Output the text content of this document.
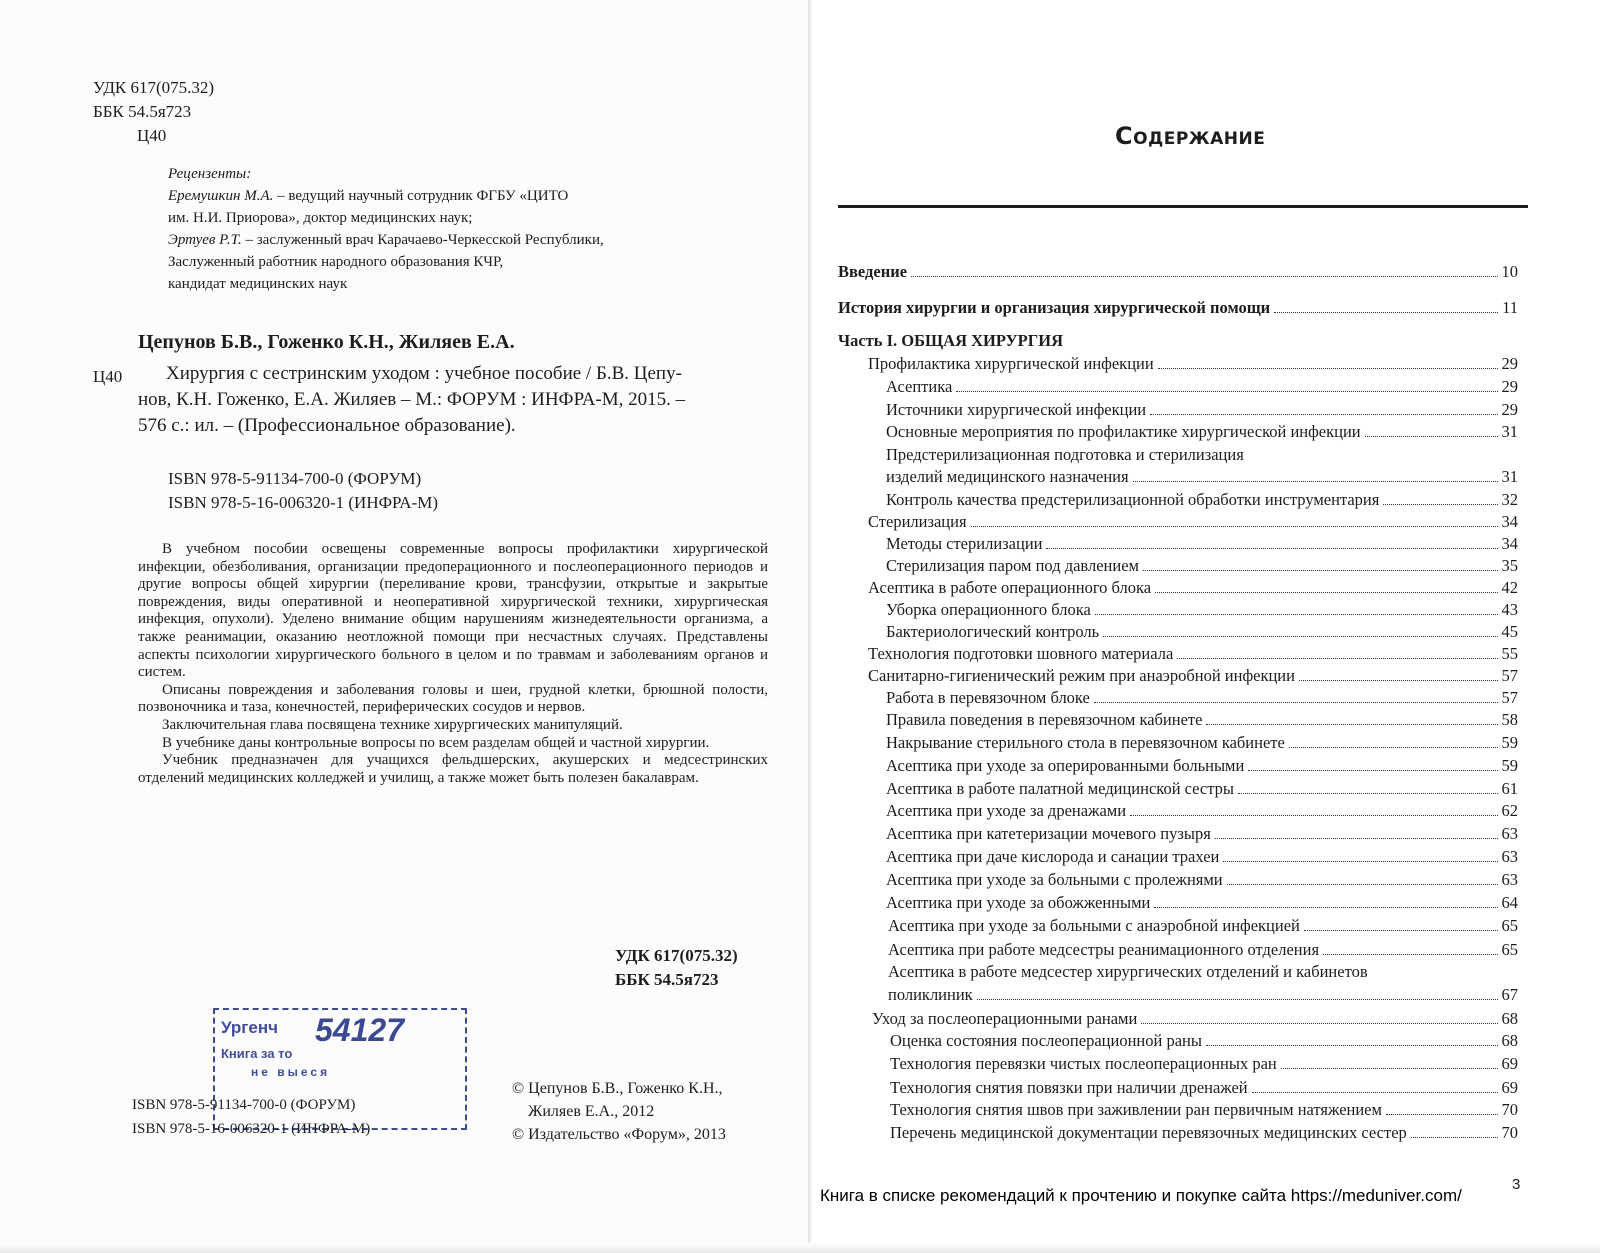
УДК 617(075.32)
ББК 54.5я723
Ц40
Рецензенты:
Еремушкин М.А. – ведущий научный сотрудник ФГБУ «ЦИТО
им. Н.И. Приорова», доктор медицинских наук;
Эртуев Р.Т. – заслуженный врач Карачаево-Черкесской Республики,
Заслуженный работник народного образования КЧР,
кандидат медицинских наук
Цепунов Б.В., Гоженко К.Н., Жиляев Е.А.
Ц40 Хирургия с сестринским уходом : учебное пособие / Б.В. Цепу-
нов, К.Н. Гоженко, Е.А. Жиляев – М.: ФОРУМ : ИНФРА-М, 2015. –
576 с.: ил. – (Профессиональное образование).
ISBN 978-5-91134-700-0 (ФОРУМ)
ISBN 978-5-16-006320-1 (ИНФРА-М)

В учебном пособии освещены современные вопросы профилактики хирургической инфекции, обезболивания, организации предоперационного и послеоперационного периодов и другие вопросы общей хирургии (переливание крови, трансфузии, открытые и закрытые повреждения, виды оперативной и неоперативной хирургической техники, хирургическая инфекция, опухоли). Уделено внимание общим нарушениям жизнедеятельности организма, а также реанимации, оказанию неотложной помощи при несчастных случаях. Представлены аспекты психологии хирургического больного в целом и по травмам и заболеваниям органов и систем.

Описаны повреждения и заболевания головы и шеи, грудной клетки, брюшной полости, позвоночника и таза, конечностей, периферических сосудов и нервов.

Заключительная глава посвящена технике хирургических манипуляций.

В учебнике даны контрольные вопросы по всем разделам общей и частной хирургии.

Учебник предназначен для учащихся фельдшерских, акушерских и медсестринских отделений медицинских колледжей и училищ, а также может быть полезен бакалаврам.

УДК 617(075.32)
ББК 54.5я723
Ургенч 54127
Книга за то
не выеся
ISBN 978-5-91134-700-0 (ФОРУМ)
ISBN 978-5-16-006320-1 (ИНФРА-М)
© Цепунов Б.В., Гоженко К.Н.,
Жиляев Е.А., 2012
© Издательство «Форум», 2013
Содержание
Введение	10
История хирургии и организация хирургической помощи	11
Часть I. ОБЩАЯ ХИРУРГИЯ
Профилактика хирургической инфекции	29
Асептика	29
Источники хирургической инфекции	29
Основные мероприятия по профилактике хирургической инфекции	31
Предстерилизационная подготовка и стерилизация
изделий медицинского назначения	31
Контроль качества предстерилизационной обработки инструментария	32
Стерилизация	34
Методы стерилизации	34
Стерилизация паром под давлением	35
Асептика в работе операционного блока	42
Уборка операционного блока	43
Бактериологический контроль	45
Технология подготовки шовного материала	55
Санитарно-гигиенический режим при анаэробной инфекции	57
Работа в перевязочном блоке	57
Правила поведения в перевязочном кабинете	58
Накрывание стерильного стола в перевязочном кабинете	59
Асептика при уходе за оперированными больными	59
Асептика в работе палатной медицинской сестры	61
Асептика при уходе за дренажами	62
Асептика при катетеризации мочевого пузыря	63
Асептика при даче кислорода и санации трахеи	63
Асептика при уходе за больными с пролежнями	63
Асептика при уходе за обожженными	64
Асептика при уходе за больными с анаэробной инфекцией	65
Асептика при работе медсестры реанимационного отделения	65
Асептика в работе медсестер хирургических отделений и кабинетов
поликлиник	67
Уход за послеоперационными ранами	68
Оценка состояния послеоперационной раны	68
Технология перевязки чистых послеоперационных ран	69
Технология снятия повязки при наличии дренажей	69
Технология снятия швов при заживлении ран первичным натяжением	70
Перечень медицинской документации перевязочных медицинских сестер	70
3
Книга в списке рекомендаций к прочтению и покупке сайта https://meduniver.com/
